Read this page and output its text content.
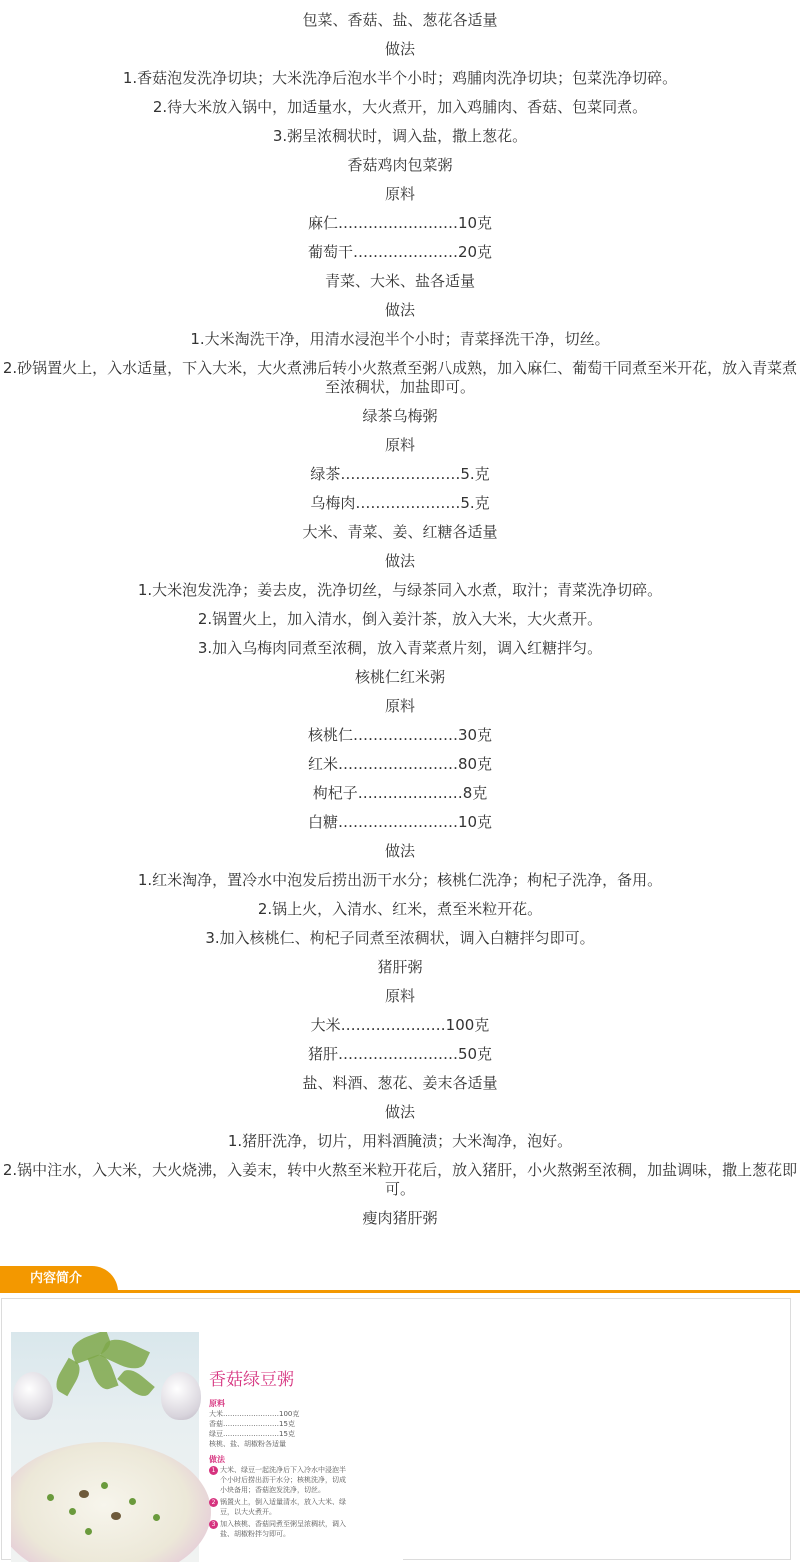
包菜、香菇、盐、葱花各适量
做法
1.香菇泡发洗净切块；大米洗净后泡水半个小时；鸡脯肉洗净切块；包菜洗净切碎。
2.待大米放入锅中，加适量水，大火煮开，加入鸡脯肉、香菇、包菜同煮。
3.粥呈浓稠状时，调入盐，撒上葱花。
香菇鸡肉包菜粥
原料
麻仁……………………10克
葡萄干…………………20克
青菜、大米、盐各适量
做法
1.大米淘洗干净，用清水浸泡半个小时；青菜择洗干净，切丝。
2.砂锅置火上，入水适量，下入大米，大火煮沸后转小火熬煮至粥八成熟，加入麻仁、葡萄干同煮至米开花，放入青菜煮至浓稠状，加盐即可。
绿茶乌梅粥
原料
绿茶……………………5.克
乌梅肉…………………5.克
大米、青菜、姜、红糖各适量
做法
1.大米泡发洗净；姜去皮，洗净切丝，与绿茶同入水煮，取汁；青菜洗净切碎。
2.锅置火上，加入清水，倒入姜汁茶，放入大米，大火煮开。
3.加入乌梅肉同煮至浓稠，放入青菜煮片刻，调入红糖拌匀。
核桃仁红米粥
原料
核桃仁…………………30克
红米……………………80克
枸杞子…………………8克
白糖……………………10克
做法
1.红米淘净，置冷水中泡发后捞出沥干水分；核桃仁洗净；枸杞子洗净，备用。
2.锅上火，入清水、红米，煮至米粒开花。
3.加入核桃仁、枸杞子同煮至浓稠状，调入白糖拌匀即可。
猪肝粥
原料
大米…………………100克
猪肝……………………50克
盐、料酒、葱花、姜末各适量
做法
1.猪肝洗净，切片，用料酒腌渍；大米淘净，泡好。
2.锅中注水，入大米，大火烧沸，入姜末，转中火熬至米粒开花后，放入猪肝，小火熬粥至浓稠，加盐调味，撒上葱花即可。
瘦肉猪肝粥
内容简介
香菇绿豆粥
原料
大米……………………100克
香菇……………………15克
绿豆……………………15克
核桃、盐、胡椒粉各适量
做法
1 大米、绿豆一起洗净后下入冷水中浸泡半
个小时后捞出沥干水分；核桃洗净，切成
小块备用；香菇泡发洗净，切丝。
2 锅置火上，倒入适量清水，放入大米、绿
豆，以大火煮开。
3 加入核桃、香菇同煮至粥呈浓稠状，调入
盐、胡椒粉拌匀即可。
